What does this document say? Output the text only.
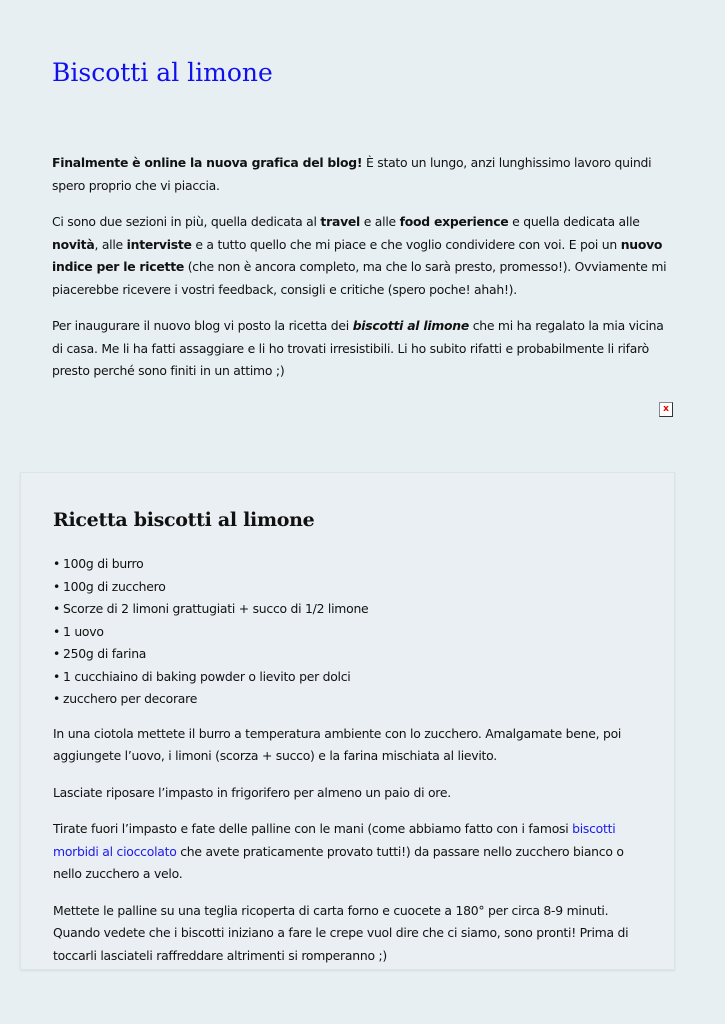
Biscotti al limone

Finalmente è online la nuova grafica del blog! È stato un lungo, anzi lunghissimo lavoro quindi spero proprio che vi piaccia.

Ci sono due sezioni in più, quella dedicata al travel e alle food experience e quella dedicata alle novità, alle interviste e a tutto quello che mi piace e che voglio condividere con voi. E poi un nuovo indice per le ricette (che non è ancora completo, ma che lo sarà presto, promesso!). Ovviamente mi piacerebbe ricevere i vostri feedback, consigli e critiche (spero poche! ahah!).

Per inaugurare il nuovo blog vi posto la ricetta dei biscotti al limone che mi ha regalato la mia vicina di casa. Me li ha fatti assaggiare e li ho trovati irresistibili. Li ho subito rifatti e probabilmente li rifarò presto perché sono finiti in un attimo ;)

x
Ricetta biscotti al limone
• 100g di burro
• 100g di zucchero
• Scorze di 2 limoni grattugiati + succo di 1/2 limone
• 1 uovo
• 250g di farina
• 1 cucchiaino di baking powder o lievito per dolci
• zucchero per decorare

In una ciotola mettete il burro a temperatura ambiente con lo zucchero. Amalgamate bene, poi aggiungete l’uovo, i limoni (scorza + succo) e la farina mischiata al lievito.

Lasciate riposare l’impasto in frigorifero per almeno un paio di ore.

Tirate fuori l’impasto e fate delle palline con le mani (come abbiamo fatto con i famosi biscotti morbidi al cioccolato che avete praticamente provato tutti!) da passare nello zucchero bianco o nello zucchero a velo.

Mettete le palline su una teglia ricoperta di carta forno e cuocete a 180° per circa 8-9 minuti. Quando vedete che i biscotti iniziano a fare le crepe vuol dire che ci siamo, sono pronti! Prima di toccarli lasciateli raffreddare altrimenti si romperanno ;)
